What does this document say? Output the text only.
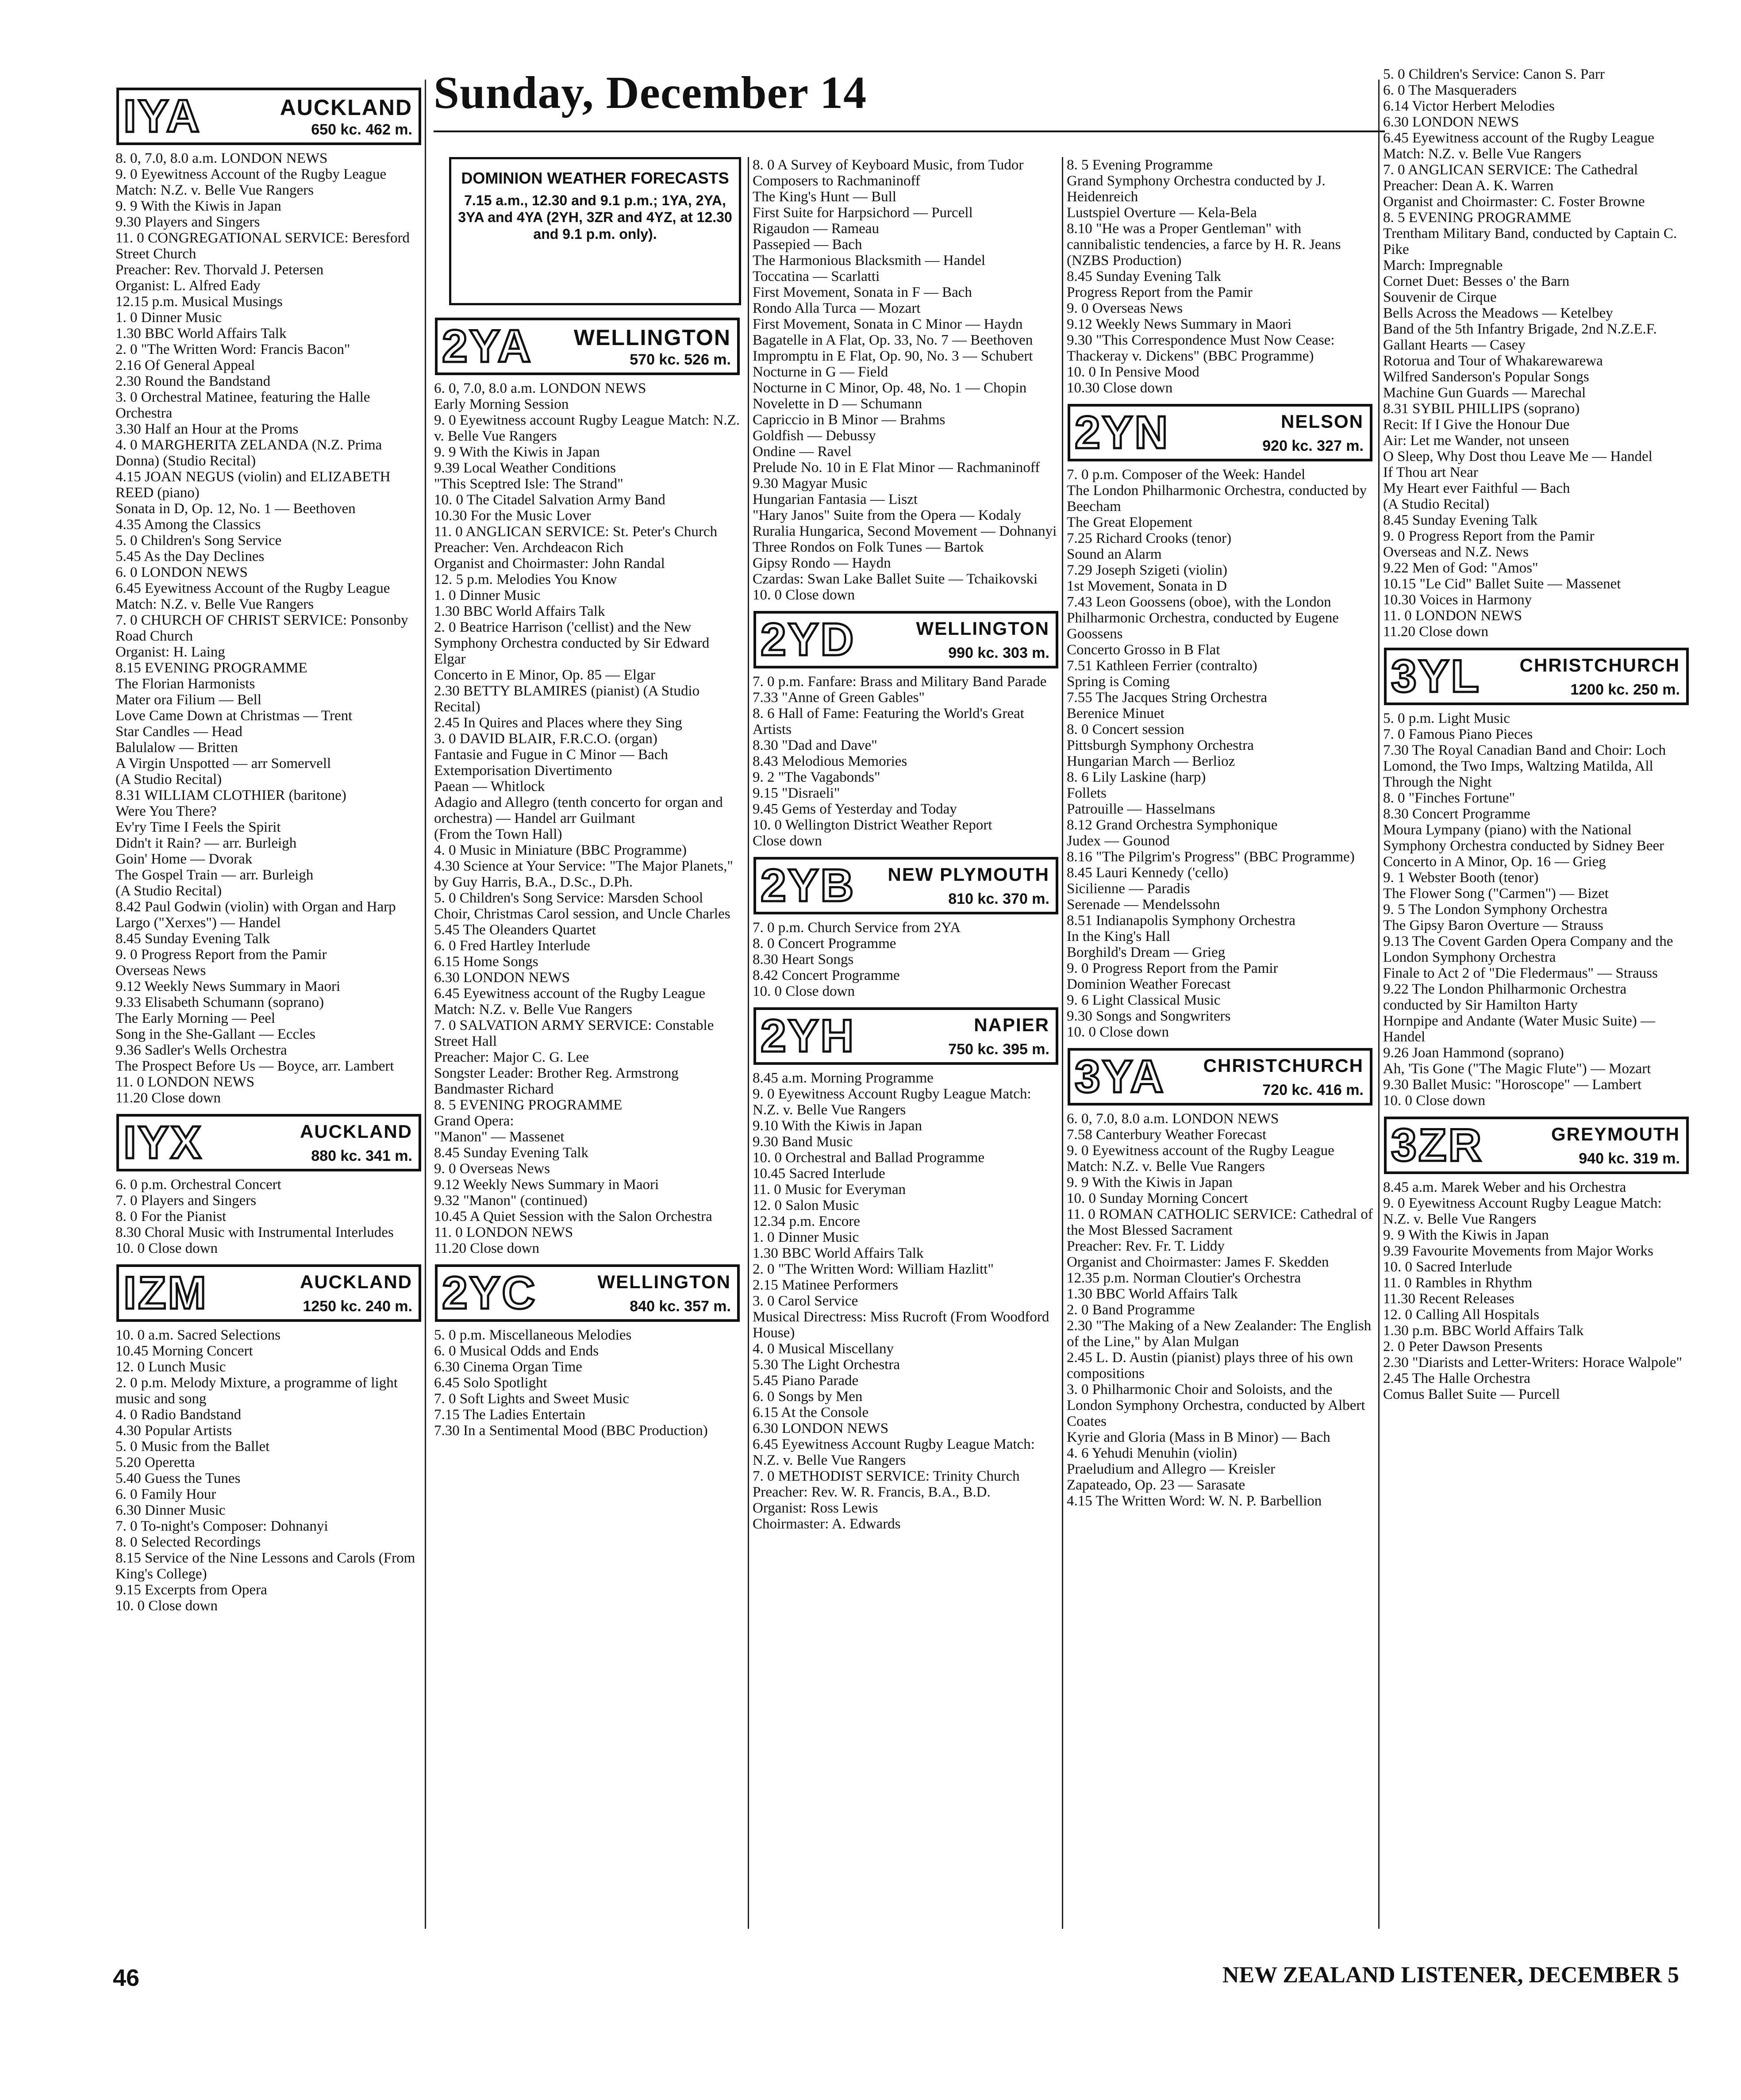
Sunday, December 14
IYA	AUCKLAND
650 kc. 462 m.

8. 0, 7.0, 8.0 a.m. LONDON NEWS

9. 0 Eyewitness Account of the Rugby League Match: N.Z. v. Belle Vue Rangers

9. 9 With the Kiwis in Japan

9.30 Players and Singers

11. 0 CONGREGATIONAL SERVICE: Beresford Street Church

Preacher: Rev. Thorvald J. Petersen

Organist: L. Alfred Eady

12.15 p.m. Musical Musings

1. 0 Dinner Music

1.30 BBC World Affairs Talk

2. 0 "The Written Word: Francis Bacon"

2.16 Of General Appeal

2.30 Round the Bandstand

3. 0 Orchestral Matinee, featuring the Halle Orchestra

3.30 Half an Hour at the Proms

4. 0 MARGHERITA ZELANDA (N.Z. Prima Donna) (Studio Recital)

4.15 JOAN NEGUS (violin) and ELIZABETH REED (piano)

Sonata in D, Op. 12, No. 1 — Beethoven

4.35 Among the Classics

5. 0 Children's Song Service

5.45 As the Day Declines

6. 0 LONDON NEWS

6.45 Eyewitness Account of the Rugby League Match: N.Z. v. Belle Vue Rangers

7. 0 CHURCH OF CHRIST SERVICE: Ponsonby Road Church

Organist: H. Laing

8.15 EVENING PROGRAMME

The Florian Harmonists

Mater ora Filium — Bell

Love Came Down at Christmas — Trent

Star Candles — Head

Balulalow — Britten

A Virgin Unspotted — arr Somervell

(A Studio Recital)

8.31 WILLIAM CLOTHIER (baritone)

Were You There?

Ev'ry Time I Feels the Spirit

Didn't it Rain? — arr. Burleigh

Goin' Home — Dvorak

The Gospel Train — arr. Burleigh

(A Studio Recital)

8.42 Paul Godwin (violin) with Organ and Harp

Largo ("Xerxes") — Handel

8.45 Sunday Evening Talk

9. 0 Progress Report from the Pamir

Overseas News

9.12 Weekly News Summary in Maori

9.33 Elisabeth Schumann (soprano)

The Early Morning — Peel

Song in the She-Gallant — Eccles

9.36 Sadler's Wells Orchestra

The Prospect Before Us — Boyce, arr. Lambert

11. 0 LONDON NEWS

11.20 Close down

IYX	AUCKLAND
880 kc. 341 m.

6. 0 p.m. Orchestral Concert

7. 0 Players and Singers

8. 0 For the Pianist

8.30 Choral Music with Instrumental Interludes

10. 0 Close down

IZM	AUCKLAND
1250 kc. 240 m.

10. 0 a.m. Sacred Selections

10.45 Morning Concert

12. 0 Lunch Music

2. 0 p.m. Melody Mixture, a programme of light music and song

4. 0 Radio Bandstand

4.30 Popular Artists

5. 0 Music from the Ballet

5.20 Operetta

5.40 Guess the Tunes

6. 0 Family Hour

6.30 Dinner Music

7. 0 To-night's Composer: Dohnanyi

8. 0 Selected Recordings

8.15 Service of the Nine Lessons and Carols (From King's College)

9.15 Excerpts from Opera

10. 0 Close down

DOMINION WEATHER FORECASTS
7.15 a.m., 12.30 and 9.1 p.m.; 1YA, 2YA, 3YA and 4YA (2YH, 3ZR and 4YZ, at 12.30 and 9.1 p.m. only).
2YA WELLINGTON
570 kc. 526 m.

6. 0, 7.0, 8.0 a.m. LONDON NEWS

Early Morning Session

9. 0 Eyewitness account Rugby League Match: N.Z. v. Belle Vue Rangers

9. 9 With the Kiwis in Japan

9.39 Local Weather Conditions

"This Sceptred Isle: The Strand"

10. 0 The Citadel Salvation Army Band

10.30 For the Music Lover

11. 0 ANGLICAN SERVICE: St. Peter's Church

Preacher: Ven. Archdeacon Rich

Organist and Choirmaster: John Randal

12. 5 p.m. Melodies You Know

1. 0 Dinner Music

1.30 BBC World Affairs Talk

2. 0 Beatrice Harrison ('cellist) and the New Symphony Orchestra conducted by Sir Edward Elgar

Concerto in E Minor, Op. 85 — Elgar

2.30 BETTY BLAMIRES (pianist) (A Studio Recital)

2.45 In Quires and Places where they Sing

3. 0 DAVID BLAIR, F.R.C.O. (organ)

Fantasie and Fugue in C Minor — Bach

Extemporisation Divertimento

Paean — Whitlock

Adagio and Allegro (tenth concerto for organ and orchestra) — Handel arr Guilmant

(From the Town Hall)

4. 0 Music in Miniature (BBC Programme)

4.30 Science at Your Service: "The Major Planets," by Guy Harris, B.A., D.Sc., D.Ph.

5. 0 Children's Song Service: Marsden School Choir, Christmas Carol session, and Uncle Charles

5.45 The Oleanders Quartet

6. 0 Fred Hartley Interlude

6.15 Home Songs

6.30 LONDON NEWS

6.45 Eyewitness account of the Rugby League Match: N.Z. v. Belle Vue Rangers

7. 0 SALVATION ARMY SERVICE: Constable Street Hall

Preacher: Major C. G. Lee

Songster Leader: Brother Reg. Armstrong

Bandmaster Richard

8. 5 EVENING PROGRAMME

Grand Opera:

"Manon" — Massenet

8.45 Sunday Evening Talk

9. 0 Overseas News

9.12 Weekly News Summary in Maori

9.32 "Manon" (continued)

10.45 A Quiet Session with the Salon Orchestra

11. 0 LONDON NEWS

11.20 Close down

2YC	WELLINGTON
840 kc. 357 m.

5. 0 p.m. Miscellaneous Melodies

6. 0 Musical Odds and Ends

6.30 Cinema Organ Time

6.45 Solo Spotlight

7. 0 Soft Lights and Sweet Music

7.15 The Ladies Entertain

7.30 In a Sentimental Mood (BBC Production)

8. 0 A Survey of Keyboard Music, from Tudor Composers to Rachmaninoff

The King's Hunt — Bull

First Suite for Harpsichord — Purcell

Rigaudon — Rameau

Passepied — Bach

The Harmonious Blacksmith — Handel

Toccatina — Scarlatti

First Movement, Sonata in F — Bach

Rondo Alla Turca — Mozart

First Movement, Sonata in C Minor — Haydn

Bagatelle in A Flat, Op. 33, No. 7 — Beethoven

Impromptu in E Flat, Op. 90, No. 3 — Schubert

Nocturne in G — Field

Nocturne in C Minor, Op. 48, No. 1 — Chopin

Novelette in D — Schumann

Capriccio in B Minor — Brahms

Goldfish — Debussy

Ondine — Ravel

Prelude No. 10 in E Flat Minor — Rachmaninoff

9.30 Magyar Music

Hungarian Fantasia — Liszt

"Hary Janos" Suite from the Opera — Kodaly

Ruralia Hungarica, Second Movement — Dohnanyi

Three Rondos on Folk Tunes — Bartok

Gipsy Rondo — Haydn

Czardas: Swan Lake Ballet Suite — Tchaikovski

10. 0 Close down

2YD	WELLINGTON
990 kc. 303 m.

7. 0 p.m. Fanfare: Brass and Military Band Parade

7.33 "Anne of Green Gables"

8. 6 Hall of Fame: Featuring the World's Great Artists

8.30 "Dad and Dave"

8.43 Melodious Memories

9. 2 "The Vagabonds"

9.15 "Disraeli"

9.45 Gems of Yesterday and Today

10. 0 Wellington District Weather Report

Close down

2YB NEW PLYMOUTH
810 kc. 370 m.

7. 0 p.m. Church Service from 2YA

8. 0 Concert Programme

8.30 Heart Songs

8.42 Concert Programme

10. 0 Close down

2YH	NAPIER
750 kc. 395 m.

8.45 a.m. Morning Programme

9. 0 Eyewitness Account Rugby League Match: N.Z. v. Belle Vue Rangers

9.10 With the Kiwis in Japan

9.30 Band Music

10. 0 Orchestral and Ballad Programme

10.45 Sacred Interlude

11. 0 Music for Everyman

12. 0 Salon Music

12.34 p.m. Encore

1. 0 Dinner Music

1.30 BBC World Affairs Talk

2. 0 "The Written Word: William Hazlitt"

2.15 Matinee Performers

3. 0 Carol Service

Musical Directress: Miss Rucroft (From Woodford House)

4. 0 Musical Miscellany

5.30 The Light Orchestra

5.45 Piano Parade

6. 0 Songs by Men

6.15 At the Console

6.30 LONDON NEWS

6.45 Eyewitness Account Rugby League Match: N.Z. v. Belle Vue Rangers

7. 0 METHODIST SERVICE: Trinity Church

Preacher: Rev. W. R. Francis, B.A., B.D.

Organist: Ross Lewis

Choirmaster: A. Edwards

8. 5 Evening Programme

Grand Symphony Orchestra conducted by J. Heidenreich

Lustspiel Overture — Kela-Bela

8.10 "He was a Proper Gentleman" with cannibalistic tendencies, a farce by H. R. Jeans (NZBS Production)

8.45 Sunday Evening Talk

Progress Report from the Pamir

9. 0 Overseas News

9.12 Weekly News Summary in Maori

9.30 "This Correspondence Must Now Cease: Thackeray v. Dickens" (BBC Programme)

10. 0 In Pensive Mood

10.30 Close down

2YN	NELSON
920 kc. 327 m.

7. 0 p.m. Composer of the Week: Handel

The London Philharmonic Orchestra, conducted by Beecham

The Great Elopement

7.25 Richard Crooks (tenor)

Sound an Alarm

7.29 Joseph Szigeti (violin)

1st Movement, Sonata in D

7.43 Leon Goossens (oboe), with the London Philharmonic Orchestra, conducted by Eugene Goossens

Concerto Grosso in B Flat

7.51 Kathleen Ferrier (contralto)

Spring is Coming

7.55 The Jacques String Orchestra

Berenice Minuet

8. 0 Concert session

Pittsburgh Symphony Orchestra

Hungarian March — Berlioz

8. 6 Lily Laskine (harp)

Follets

Patrouille — Hasselmans

8.12 Grand Orchestra Symphonique

Judex — Gounod

8.16 "The Pilgrim's Progress" (BBC Programme)

8.45 Lauri Kennedy ('cello)

Sicilienne — Paradis

Serenade — Mendelssohn

8.51 Indianapolis Symphony Orchestra

In the King's Hall

Borghild's Dream — Grieg

9. 0 Progress Report from the Pamir

Dominion Weather Forecast

9. 6 Light Classical Music

9.30 Songs and Songwriters

10. 0 Close down

3YA CHRISTCHURCH
720 kc. 416 m.

6. 0, 7.0, 8.0 a.m. LONDON NEWS

7.58 Canterbury Weather Forecast

9. 0 Eyewitness account of the Rugby League Match: N.Z. v. Belle Vue Rangers

9. 9 With the Kiwis in Japan

10. 0 Sunday Morning Concert

11. 0 ROMAN CATHOLIC SERVICE: Cathedral of the Most Blessed Sacrament

Preacher: Rev. Fr. T. Liddy

Organist and Choirmaster: James F. Skedden

12.35 p.m. Norman Cloutier's Orchestra

1.30 BBC World Affairs Talk

2. 0 Band Programme

2.30 "The Making of a New Zealander: The English of the Line," by Alan Mulgan

2.45 L. D. Austin (pianist) plays three of his own compositions

3. 0 Philharmonic Choir and Soloists, and the London Symphony Orchestra, conducted by Albert Coates

Kyrie and Gloria (Mass in B Minor) — Bach

4. 6 Yehudi Menuhin (violin)

Praeludium and Allegro — Kreisler

Zapateado, Op. 23 — Sarasate

4.15 The Written Word: W. N. P. Barbellion

5. 0 Children's Service: Canon S. Parr

6. 0 The Masqueraders

6.14 Victor Herbert Melodies

6.30 LONDON NEWS

6.45 Eyewitness account of the Rugby League Match: N.Z. v. Belle Vue Rangers

7. 0 ANGLICAN SERVICE: The Cathedral

Preacher: Dean A. K. Warren

Organist and Choirmaster: C. Foster Browne

8. 5 EVENING PROGRAMME

Trentham Military Band, conducted by Captain C. Pike

March: Impregnable

Cornet Duet: Besses o' the Barn

Souvenir de Cirque

Bells Across the Meadows — Ketelbey

Band of the 5th Infantry Brigade, 2nd N.Z.E.F.

Gallant Hearts — Casey

Rotorua and Tour of Whakarewarewa

Wilfred Sanderson's Popular Songs

Machine Gun Guards — Marechal

8.31 SYBIL PHILLIPS (soprano)

Recit: If I Give the Honour Due

Air: Let me Wander, not unseen

O Sleep, Why Dost thou Leave Me — Handel

If Thou art Near

My Heart ever Faithful — Bach

(A Studio Recital)

8.45 Sunday Evening Talk

9. 0 Progress Report from the Pamir

Overseas and N.Z. News

9.22 Men of God: "Amos"

10.15 "Le Cid" Ballet Suite — Massenet

10.30 Voices in Harmony

11. 0 LONDON NEWS

11.20 Close down

3YL CHRISTCHURCH
1200 kc. 250 m.

5. 0 p.m. Light Music

7. 0 Famous Piano Pieces

7.30 The Royal Canadian Band and Choir: Loch Lomond, the Two Imps, Waltzing Matilda, All Through the Night

8. 0 "Finches Fortune"

8.30 Concert Programme

Moura Lympany (piano) with the National Symphony Orchestra conducted by Sidney Beer

Concerto in A Minor, Op. 16 — Grieg

9. 1 Webster Booth (tenor)

The Flower Song ("Carmen") — Bizet

9. 5 The London Symphony Orchestra

The Gipsy Baron Overture — Strauss

9.13 The Covent Garden Opera Company and the London Symphony Orchestra

Finale to Act 2 of "Die Fledermaus" — Strauss

9.22 The London Philharmonic Orchestra conducted by Sir Hamilton Harty

Hornpipe and Andante (Water Music Suite) — Handel

9.26 Joan Hammond (soprano)

Ah, 'Tis Gone ("The Magic Flute") — Mozart

9.30 Ballet Music: "Horoscope" — Lambert

10. 0 Close down

3ZR	GREYMOUTH
940 kc. 319 m.

8.45 a.m. Marek Weber and his Orchestra

9. 0 Eyewitness Account Rugby League Match: N.Z. v. Belle Vue Rangers

9. 9 With the Kiwis in Japan

9.39 Favourite Movements from Major Works

10. 0 Sacred Interlude

11. 0 Rambles in Rhythm

11.30 Recent Releases

12. 0 Calling All Hospitals

1.30 p.m. BBC World Affairs Talk

2. 0 Peter Dawson Presents

2.30 "Diarists and Letter-Writers: Horace Walpole"

2.45 The Halle Orchestra

Comus Ballet Suite — Purcell

46	NEW ZEALAND LISTENER, DECEMBER 5
